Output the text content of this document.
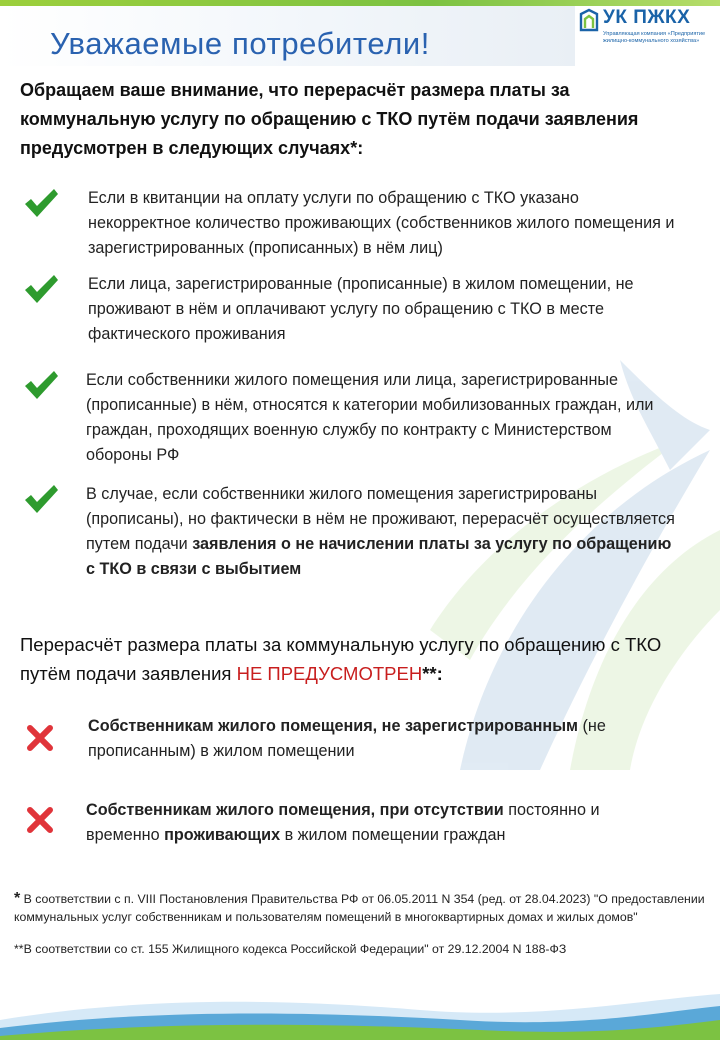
Уважаемые потребители!
УК ПЖКХ
Управляющая компания «Предприятие жилищно-коммунального хозяйства»
Обращаем ваше внимание, что перерасчёт размера платы за коммунальную услугу по обращению с ТКО путём подачи заявления предусмотрен в следующих случаях*:
Если в квитанции на оплату услуги по обращению с ТКО указано некорректное количество проживающих (собственников жилого помещения и зарегистрированных (прописанных) в нём лиц)
Если лица, зарегистрированные (прописанные) в жилом помещении, не проживают в нём и оплачивают услугу по обращению с ТКО в месте фактического проживания
Если собственники жилого помещения или лица, зарегистрированные (прописанные) в нём, относятся к категории мобилизованных граждан, или граждан, проходящих военную службу по контракту с Министерством обороны РФ
В случае, если собственники жилого помещения зарегистрированы (прописаны), но фактически в нём не проживают, перерасчёт осуществляется путем подачи заявления о не начислении платы за услугу по обращению с ТКО в связи с выбытием
Перерасчёт размера платы за коммунальную услугу по обращению с ТКО путём подачи заявления НЕ ПРЕДУСМОТРЕН**:
Собственникам жилого помещения, не зарегистрированным (не прописанным) в жилом помещении
Собственникам жилого помещения, при отсутствии постоянно и временно проживающих в жилом помещении граждан
* В соответствии с п. VIII Постановления Правительства РФ от 06.05.2011 N 354 (ред. от 28.04.2023) "О предоставлении коммунальных услуг собственникам и пользователям помещений в многоквартирных домах и жилых домов"
**В соответствии со ст. 155 Жилищного кодекса Российской Федерации" от 29.12.2004 N 188-ФЗ
